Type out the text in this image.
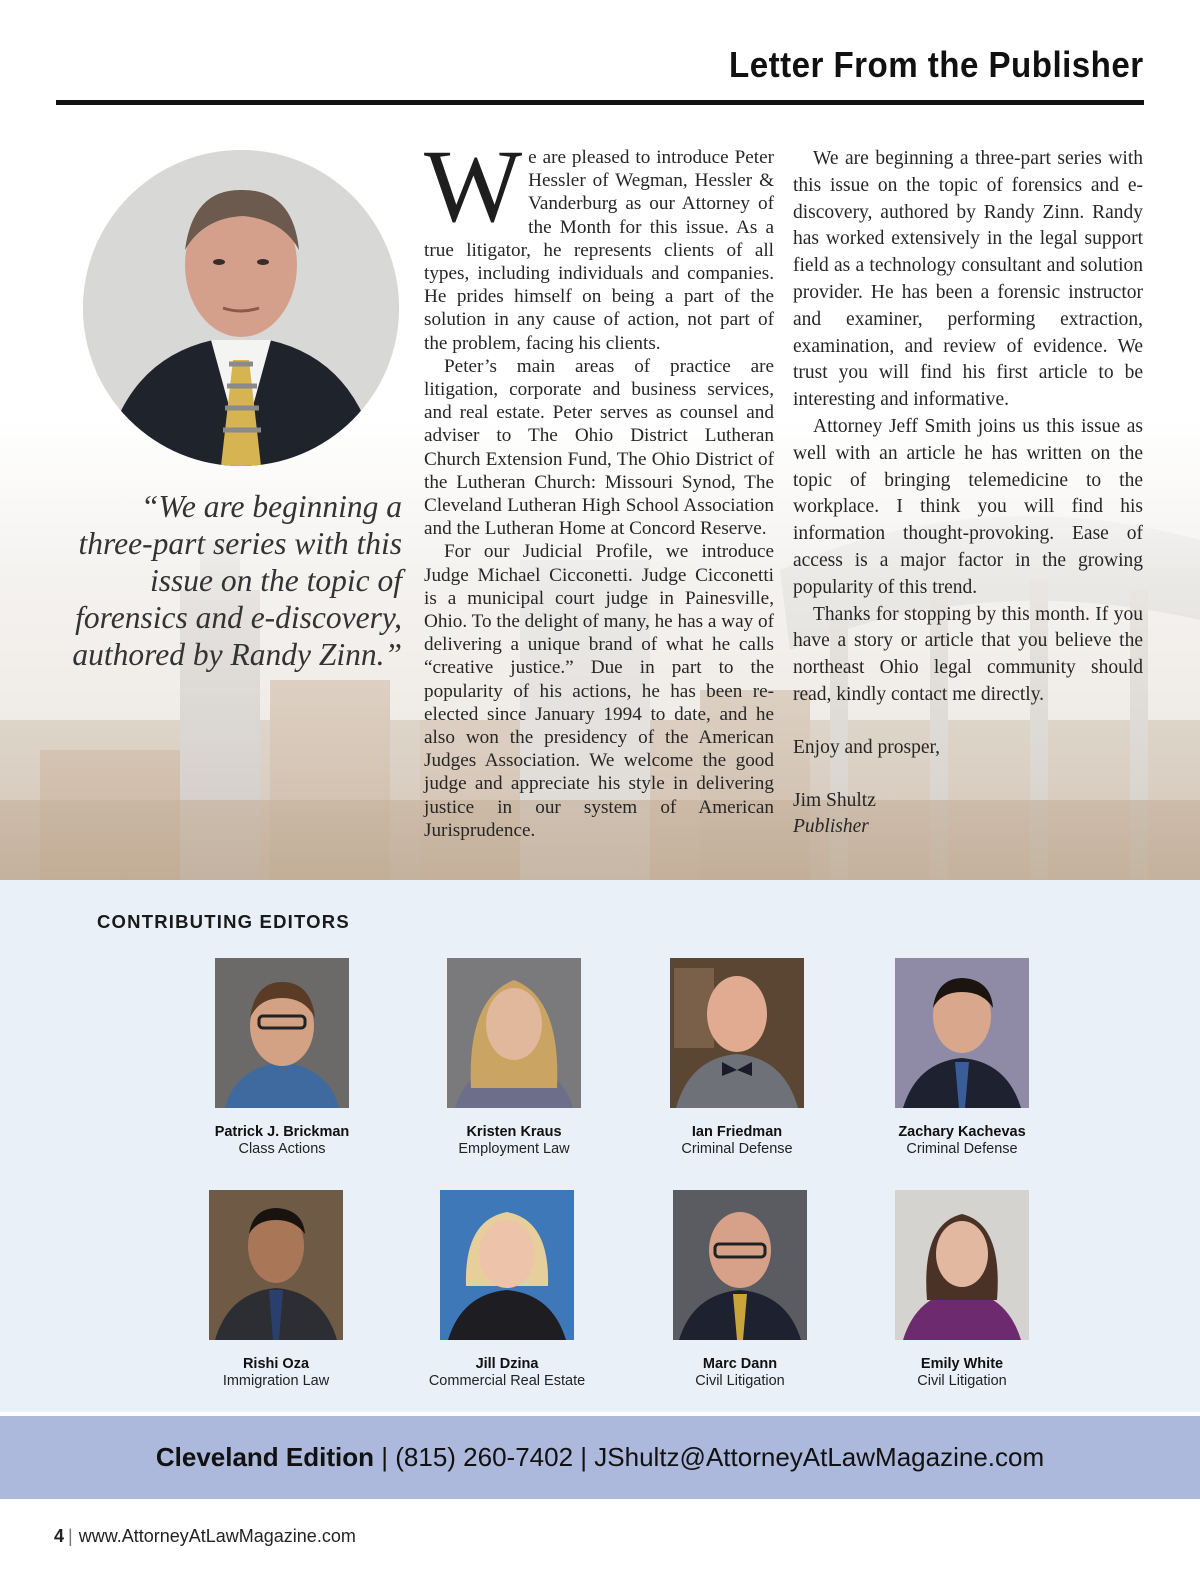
Letter From the Publisher
“We are beginning a three-part series with this issue on the topic of forensics and e-discovery, authored by Randy Zinn.”

We are pleased to introduce Peter Hessler of Wegman, Hessler & Vanderburg as our Attorney of the Month for this issue. As a true litigator, he represents clients of all types, including individuals and companies. He prides himself on being a part of the solution in any cause of action, not part of the problem, facing his clients.

Peter’s main areas of practice are litigation, corporate and business services, and real estate. Peter serves as counsel and adviser to The Ohio District Lutheran Church Extension Fund, The Ohio District of the Lutheran Church: Missouri Synod, The Cleveland Lutheran High School Association and the Lutheran Home at Concord Reserve.

For our Judicial Profile, we introduce Judge Michael Cicconetti. Judge Cicconetti is a municipal court judge in Painesville, Ohio. To the delight of many, he has a way of delivering a unique brand of what he calls “creative justice.” Due in part to the popularity of his actions, he has been re-elected since January 1994 to date, and he also won the presidency of the American Judges Association. We welcome the good judge and appreciate his style in delivering justice in our system of American Jurisprudence.

We are beginning a three-part series with this issue on the topic of forensics and e-discovery, authored by Randy Zinn. Randy has worked extensively in the legal support field as a technology consultant and solution provider. He has been a forensic instructor and examiner, performing extraction, examination, and review of evidence. We trust you will find his first article to be interesting and informative.

Attorney Jeff Smith joins us this issue as well with an article he has written on the topic of bringing telemedicine to the workplace. I think you will find his information thought-provoking. Ease of access is a major factor in the growing popularity of this trend.

Thanks for stopping by this month. If you have a story or article that you believe the northeast Ohio legal community should read, kindly contact me directly.

Enjoy and prosper,

Jim Shultz

Publisher

CONTRIBUTING EDITORS
Patrick J. Brickman
Class Actions
Kristen Kraus
Employment Law
Ian Friedman
Criminal Defense
Zachary Kachevas
Criminal Defense
Rishi Oza
Immigration Law
Jill Dzina
Commercial Real Estate
Marc Dann
Civil Litigation
Emily White
Civil Litigation
Cleveland Edition | (815) 260-7402 | JShultz@AttorneyAtLawMagazine.com
4 | www.AttorneyAtLawMagazine.com
